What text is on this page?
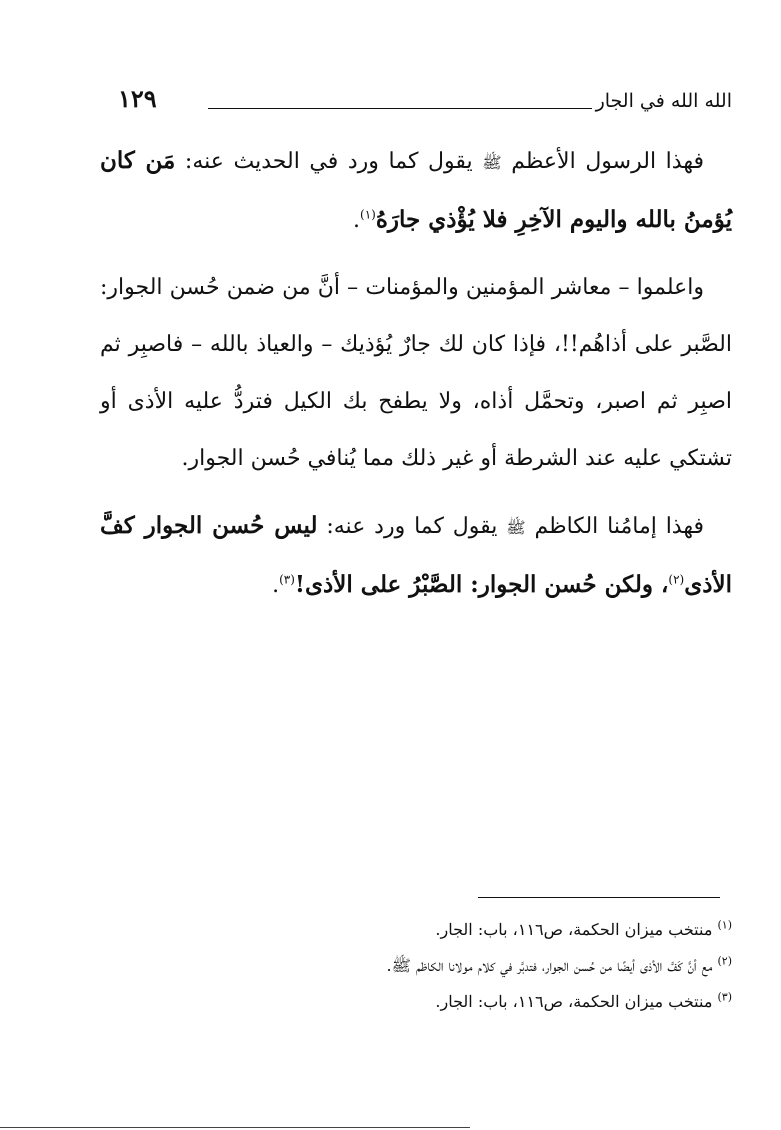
الله الله في الجار
١٢٩

فهذا الرسول الأعظم ﷺ يقول كما ورد في الحديث عنه: مَن كان يُؤمنُ بالله واليوم الآخِرِ فلا يُؤْذي جارَهُ$^{(١)}$.

واعلموا – معاشر المؤمنين والمؤمنات – أنَّ من ضمن حُسن الجوار: الصَّبر على أذاهُم!!، فإذا كان لك جارٌ يُؤذيك – والعياذ بالله – فاصبِر ثم اصبِر ثم اصبر، وتحمَّل أذاه، ولا يطفح بك الكيل فتردُّ عليه الأذى أو تشتكي عليه عند الشرطة أو غير ذلك مما يُنافي حُسن الجوار.

فهذا إمامُنا الكاظم ﷺ يقول كما ورد عنه: ليس حُسن الجوار كفَّ الأذى$^{(٢)}$، ولكن حُسن الجوار: الصَّبْرُ على الأذى!$^{(٣)}$.

$^{(١)}$ منتخب ميزان الحكمة، ص١١٦، باب: الجار.

$^{(٢)}$ مع أنَّ كَفَّ الأذى أيضًا من حُسن الجوار، فتدبَّر في كلام مولانا الكاظم ﷺ.

$^{(٣)}$ منتخب ميزان الحكمة، ص١١٦، باب: الجار.
